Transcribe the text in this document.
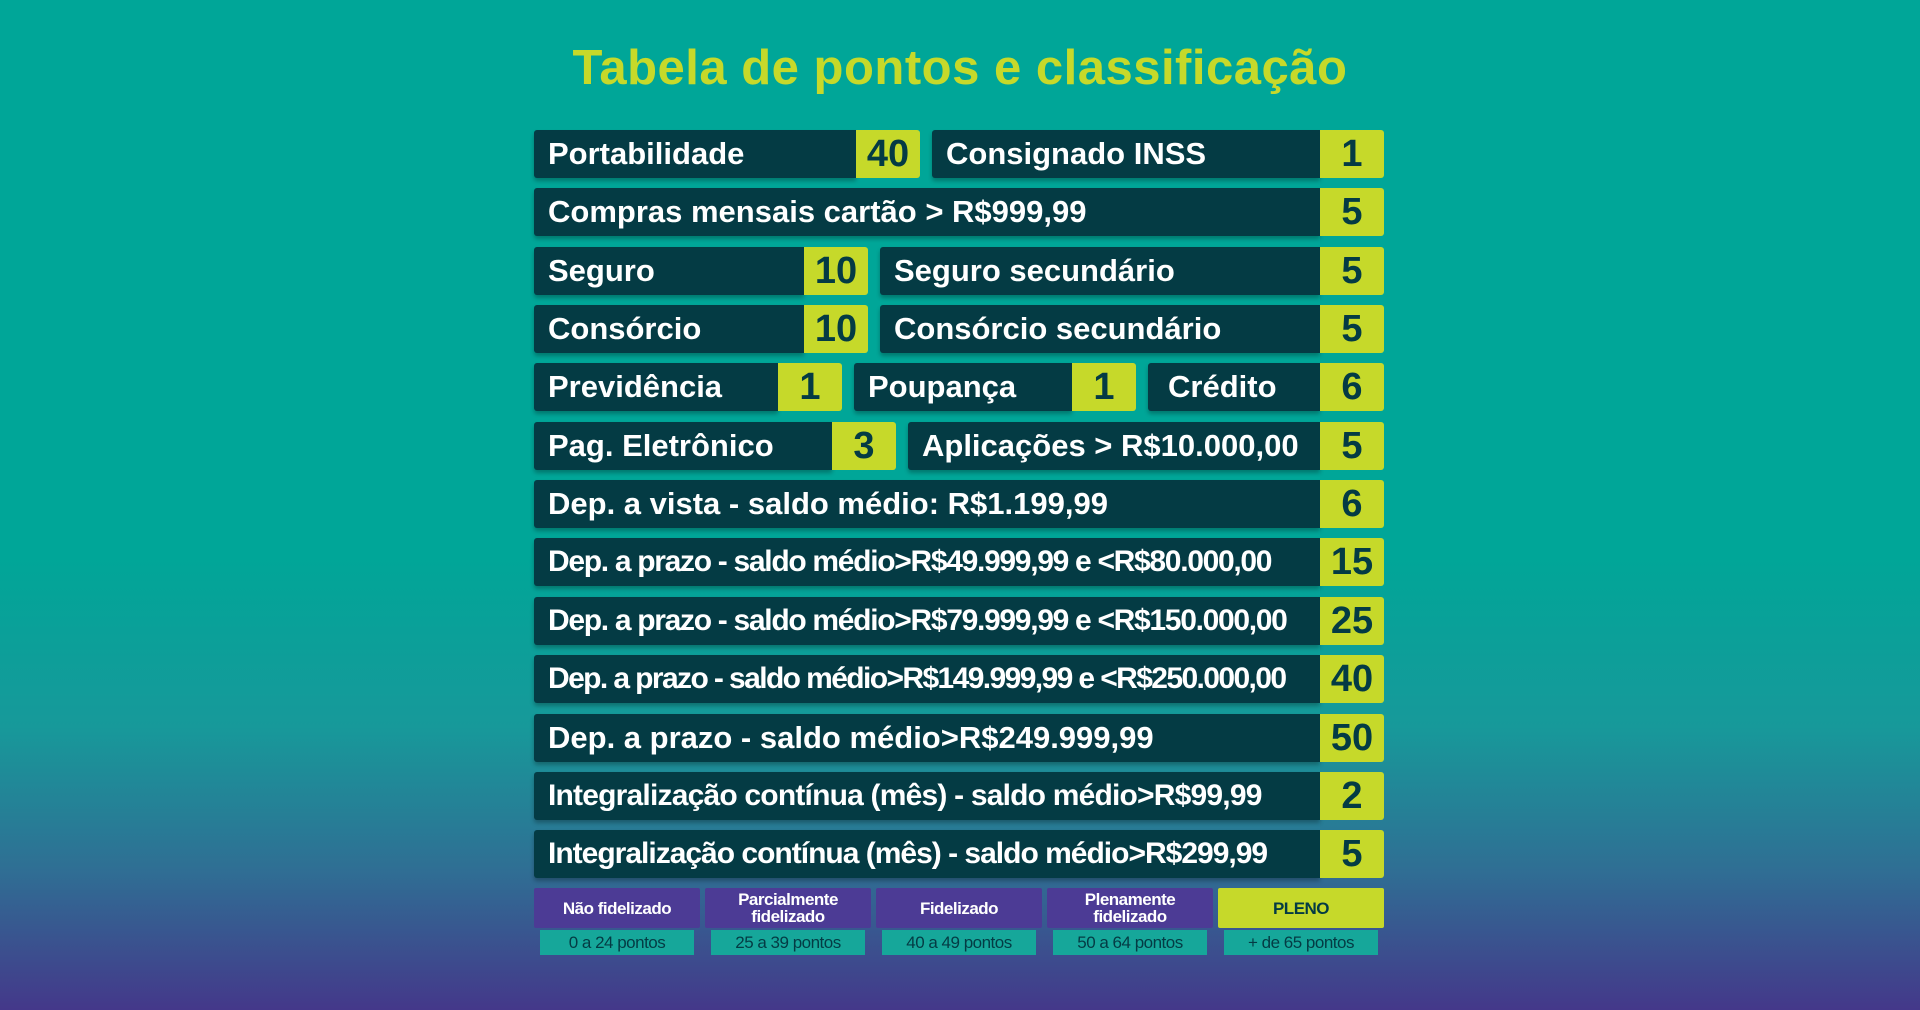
Tabela de pontos e classificação
Portabilidade	40	Consignado INSS	1
Compras mensais cartão > R$999,99	5
Seguro	10	Seguro secundário	5
Consórcio	10	Consórcio secundário	5
Previdência	1	Poupança	1	Crédito	6
Pag. Eletrônico	3	Aplicações > R$10.000,00	5
Dep. a vista - saldo médio: R$1.199,99	6
Dep. a prazo - saldo médio>R$49.999,99 e <R$80.000,00	15
Dep. a prazo - saldo médio>R$79.999,99 e <R$150.000,00	25
Dep. a prazo - saldo médio>R$149.999,99 e <R$250.000,00	40
Dep. a prazo - saldo médio>R$249.999,99	50
Integralização contínua (mês) - saldo médio>R$99,99	2
Integralização contínua (mês) - saldo médio>R$299,99	5
Não fidelizado
0 a 24 pontos
Parcialmente fidelizado
25 a 39 pontos
Fidelizado
40 a 49 pontos
Plenamente fidelizado
50 a 64 pontos
PLENO
+ de 65 pontos
